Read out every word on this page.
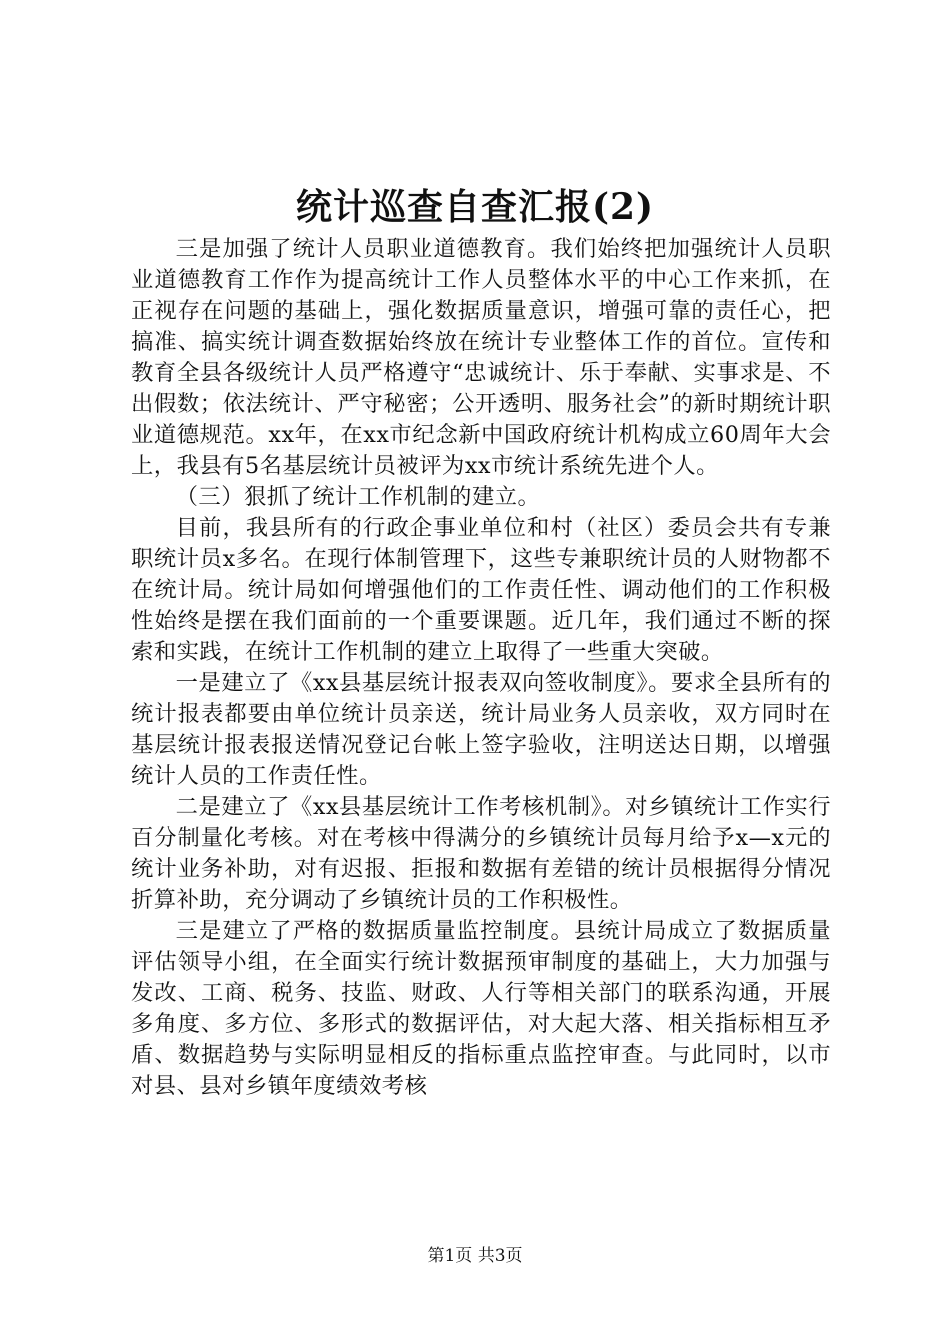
统计巡查自查汇报(2)

三是加强了统计人员职业道德教育。我们始终把加强统计人员职业道德教育工作作为提高统计工作人员整体水平的中心工作来抓，在正视存在问题的基础上，强化数据质量意识，增强可靠的责任心，把搞准、搞实统计调查数据始终放在统计专业整体工作的首位。宣传和教育全县各级统计人员严格遵守“忠诚统计、乐于奉献、实事求是、不出假数；依法统计、严守秘密；公开透明、服务社会”的新时期统计职业道德规范。xx年，在xx市纪念新中国政府统计机构成立60周年大会上，我县有5名基层统计员被评为xx市统计系统先进个人。

（三）狠抓了统计工作机制的建立。

目前，我县所有的行政企事业单位和村（社区）委员会共有专兼职统计员x多名。在现行体制管理下，这些专兼职统计员的人财物都不在统计局。统计局如何增强他们的工作责任性、调动他们的工作积极性始终是摆在我们面前的一个重要课题。近几年，我们通过不断的探索和实践，在统计工作机制的建立上取得了一些重大突破。

一是建立了《xx县基层统计报表双向签收制度》。要求全县所有的统计报表都要由单位统计员亲送，统计局业务人员亲收，双方同时在基层统计报表报送情况登记台帐上签字验收，注明送达日期，以增强统计人员的工作责任性。

二是建立了《xx县基层统计工作考核机制》。对乡镇统计工作实行百分制量化考核。对在考核中得满分的乡镇统计员每月给予x—x元的统计业务补助，对有迟报、拒报和数据有差错的统计员根据得分情况折算补助，充分调动了乡镇统计员的工作积极性。

三是建立了严格的数据质量监控制度。县统计局成立了数据质量评估领导小组，在全面实行统计数据预审制度的基础上，大力加强与发改、工商、税务、技监、财政、人行等相关部门的联系沟通，开展多角度、多方位、多形式的数据评估，对大起大落、相关指标相互矛盾、数据趋势与实际明显相反的指标重点监控审查。与此同时，以市对县、县对乡镇年度绩效考核

第1页 共3页
